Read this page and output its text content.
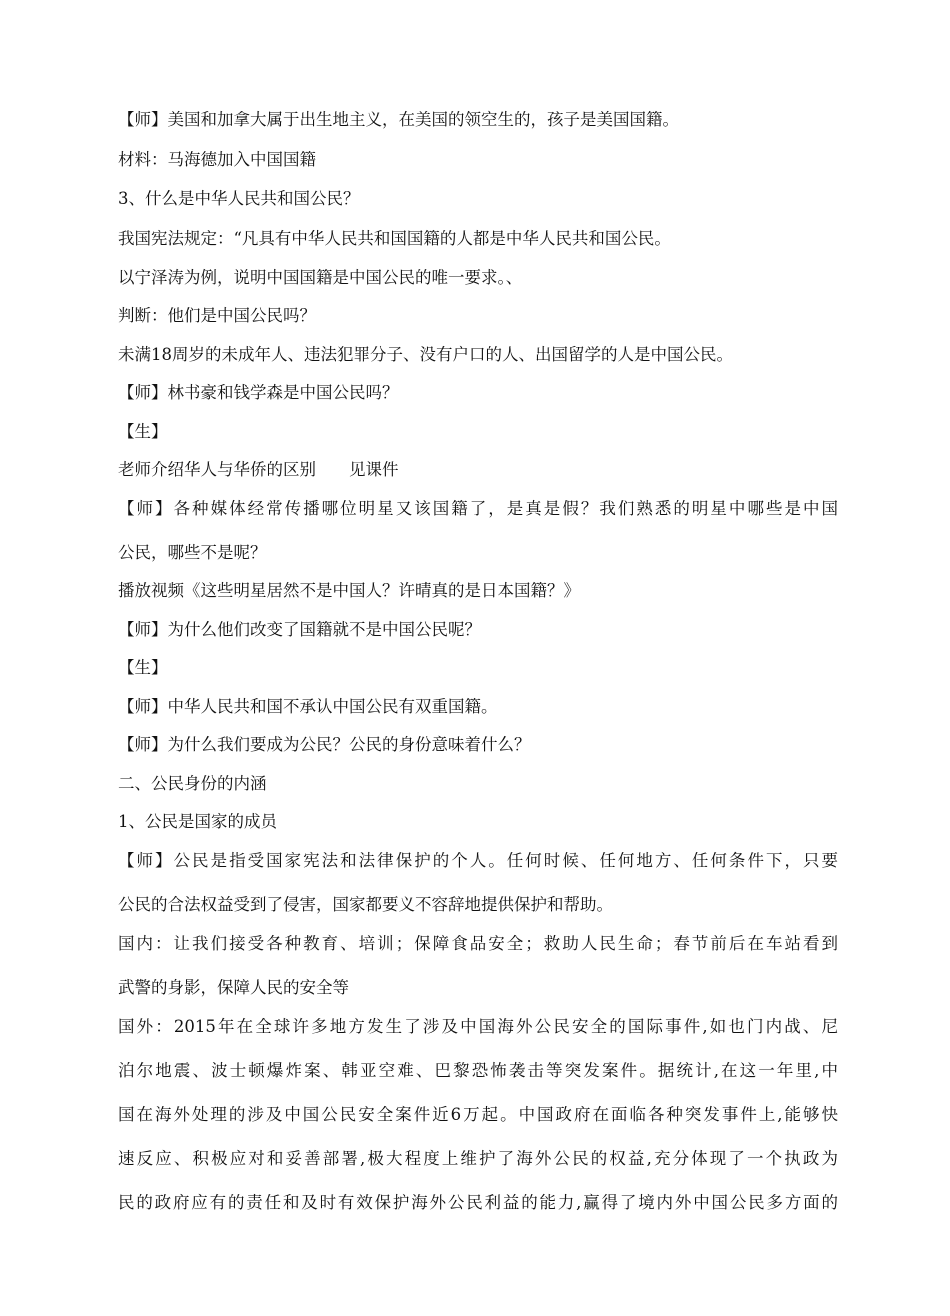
【师】美国和加拿大属于出生地主义，在美国的领空生的，孩子是美国国籍。
材料：马海德加入中国国籍
3、什么是中华人民共和国公民？
我国宪法规定：“凡具有中华人民共和国国籍的人都是中华人民共和国公民。
以宁泽涛为例，说明中国国籍是中国公民的唯一要求。、
判断：他们是中国公民吗？
未满18周岁的未成年人、违法犯罪分子、没有户口的人、出国留学的人是中国公民。
【师】林书豪和钱学森是中国公民吗？
【生】
老师介绍华人与华侨的区别　　见课件
【师】各种媒体经常传播哪位明星又该国籍了，是真是假？我们熟悉的明星中哪些是中国
公民，哪些不是呢？
播放视频《这些明星居然不是中国人？许晴真的是日本国籍？》
【师】为什么他们改变了国籍就不是中国公民呢？
【生】
【师】中华人民共和国不承认中国公民有双重国籍。
【师】为什么我们要成为公民？公民的身份意味着什么？
二、公民身份的内涵
1、公民是国家的成员
【师】公民是指受国家宪法和法律保护的个人。任何时候、任何地方、任何条件下，只要
公民的合法权益受到了侵害，国家都要义不容辞地提供保护和帮助。
国内：让我们接受各种教育、培训；保障食品安全；救助人民生命；春节前后在车站看到
武警的身影，保障人民的安全等
国外：2015年在全球许多地方发生了涉及中国海外公民安全的国际事件,如也门内战、尼
泊尔地震、波士顿爆炸案、韩亚空难、巴黎恐怖袭击等突发案件。据统计,在这一年里,中
国在海外处理的涉及中国公民安全案件近6万起。中国政府在面临各种突发事件上,能够快
速反应、积极应对和妥善部署,极大程度上维护了海外公民的权益,充分体现了一个执政为
民的政府应有的责任和及时有效保护海外公民利益的能力,赢得了境内外中国公民多方面的
